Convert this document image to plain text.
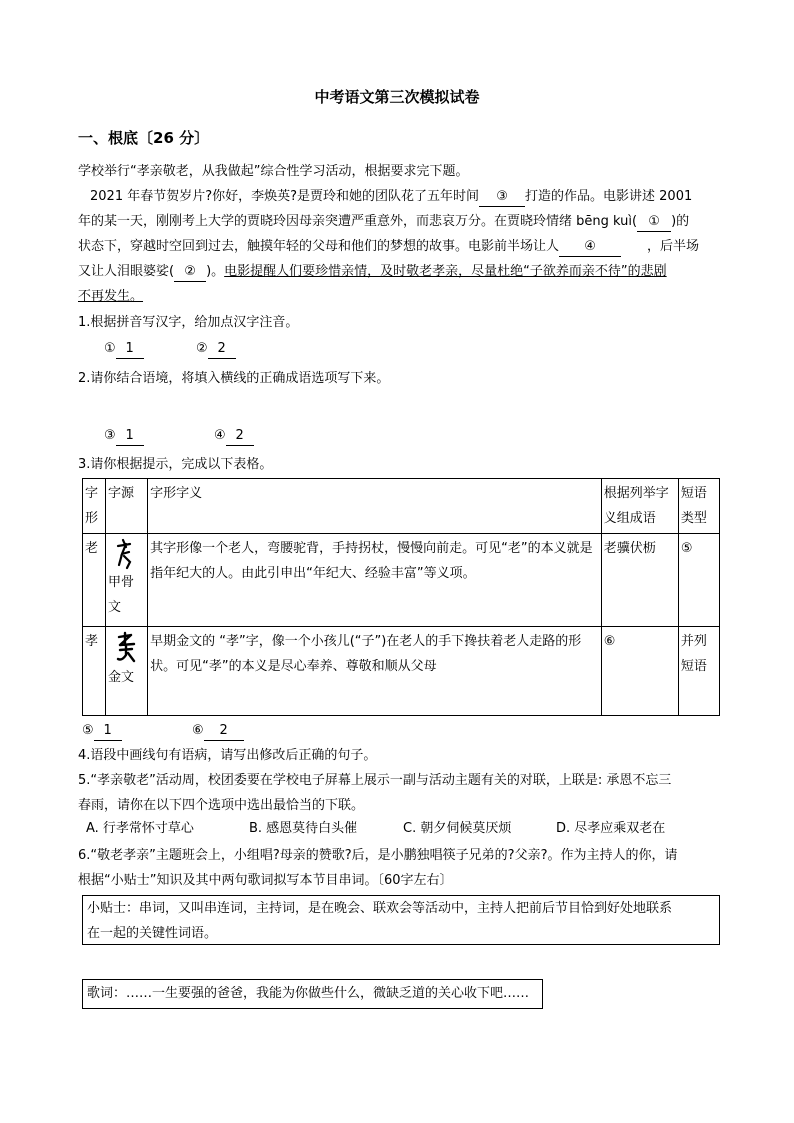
中考语文第三次模拟试卷
一、根底〔26 分〕
学校举行“孝亲敬老，从我做起”综合性学习活动，根据要求完下题。
2021 年春节贺岁片?你好，李焕英?是贾玲和她的团队花了五年时间 ③ 打造的作品。电影讲述 2001
年的某一天，刚刚考上大学的贾晓玲因母亲突遭严重意外，而悲哀万分。在贾晓玲情绪 bēng kuì( ① )的
状态下，穿越时空回到过去，触摸年轻的父母和他们的梦想的故事。电影前半场让人 ④	，后半场
又让人泪眼婆娑( ② )。电影提醒人们要珍惜亲情，及时敬老孝亲，尽量杜绝“子欲养而亲不待”的悲剧
不再发生。
1.根据拼音写汉字，给加点汉字注音。
① 1	② 2
2.请你结合语境，将填入横线的正确成语选项写下来。
③ 1	④ 2
3.请你根据提示，完成以下表格。
字形	字源	字形字义	根据列举字义组成语	短语类型
老	甲骨文	其字形像一个老人，弯腰驼背，手持拐杖，慢慢向前走。可见“老”的本义就是指年纪大的人。由此引申出“年纪大、经验丰富”等义项。	老骥伏枥	⑤
孝	金文	早期金文的 “孝”字，像一个小孩儿(“子”)在老人的手下搀扶着老人走路的形状。可见“孝”的本义是尽心奉养、尊敬和顺从父母	⑥	并列短语
⑤ 1	⑥ 2
4.语段中画线句有语病，请写出修改后正确的句子。
5.“孝亲敬老”活动周，校团委要在学校电子屏幕上展示一副与活动主题有关的对联，上联是: 承恩不忘三
春雨，请你在以下四个选项中选出最恰当的下联。
A. 行孝常怀寸草心	B. 感恩莫待白头催	C. 朝夕伺候莫厌烦	D. 尽孝应乘双老在
6.“敬老孝亲”主题班会上，小组唱?母亲的赞歌?后，是小鹏独唱筷子兄弟的?父亲?。作为主持人的你，请
根据“小贴士”知识及其中两句歌词拟写本节目串词。〔60字左右〕
小贴士：串词，又叫串连词，主持词，是在晚会、联欢会等活动中，主持人把前后节目恰到好处地联系
在一起的关键性词语。
歌词：……一生要强的爸爸，我能为你做些什么，微缺乏道的关心收下吧……
